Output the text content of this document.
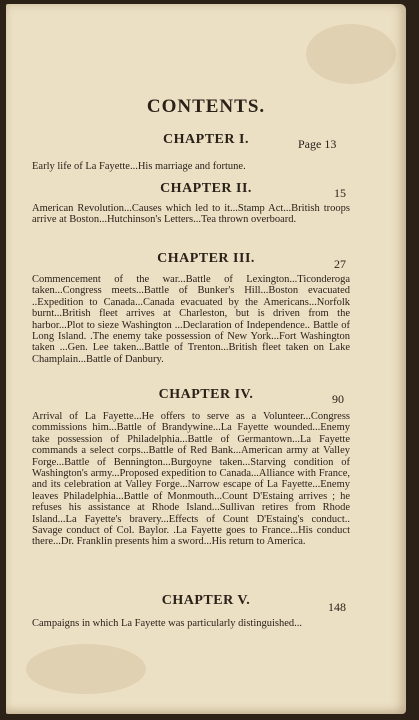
CONTENTS.
CHAPTER I.	Page 13
Early life of La Fayette...His marriage and fortune.
CHAPTER II.	15
American Revolution...Causes which led to it...Stamp Act...British troops arrive at Boston...Hutchinson's Letters...Tea thrown overboard.
CHAPTER III.	27
Commencement of the war...Battle of Lexington...Ticonderoga taken...Congress meets...Battle of Bunker's Hill...Boston evacuated ..Expedition to Canada...Canada evacuated by the Americans...Norfolk burnt...British fleet arrives at Charleston, but is driven from the harbor...Plot to sieze Washington ...Declaration of Independence.. Battle of Long Island. .The enemy take possession of New York...Fort Washington taken ...Gen. Lee taken...Battle of Trenton...British fleet taken on Lake Champlain...Battle of Danbury.
CHAPTER IV.	90
Arrival of La Fayette...He offers to serve as a Volunteer...Congress commissions him...Battle of Brandywine...La Fayette wounded...Enemy take possession of Philadelphia...Battle of Germantown...La Fayette commands a select corps...Battle of Red Bank...American army at Valley Forge...Battle of Bennington...Burgoyne taken...Starving condition of Washington's army...Proposed expedition to Canada...Alliance with France, and its celebration at Valley Forge...Narrow escape of La Fayette...Enemy leaves Philadelphia...Battle of Monmouth...Count D'Estaing arrives ; he refuses his assistance at Rhode Island...Sullivan retires from Rhode Island...La Fayette's bravery...Effects of Count D'Estaing's conduct.. Savage conduct of Col. Baylor. .La Fayette goes to France...His conduct there...Dr. Franklin presents him a sword...His return to America.
CHAPTER V.	148
Campaigns in which La Fayette was particularly distinguished...
